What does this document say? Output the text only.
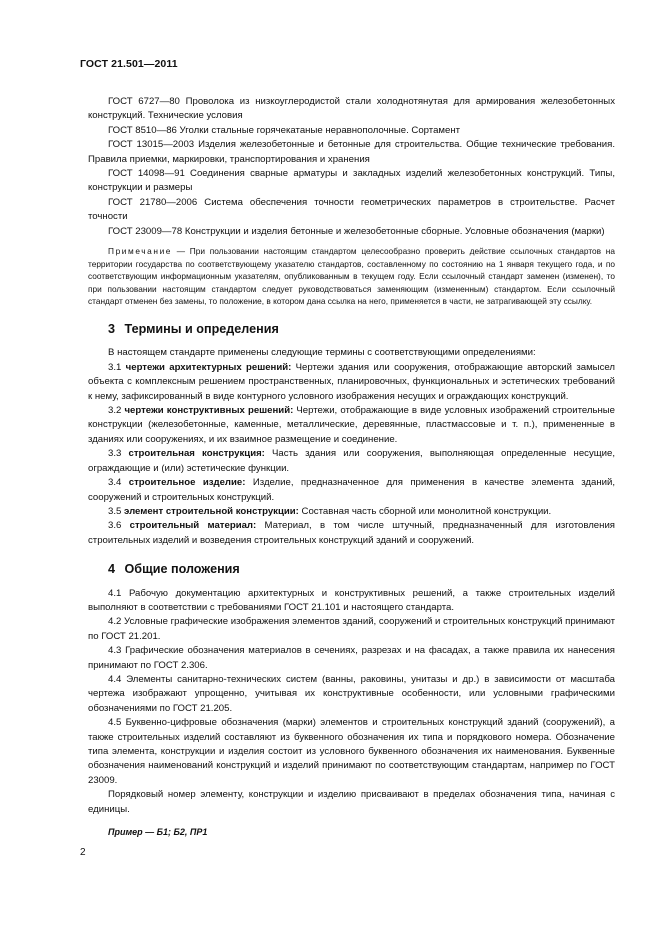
ГОСТ 21.501—2011

ГОСТ 6727—80 Проволока из низкоуглеродистой стали холоднотянутая для армирования железобетонных конструкций. Технические условия

ГОСТ 8510—86 Уголки стальные горячекатаные неравнополочные. Сортамент

ГОСТ 13015—2003 Изделия железобетонные и бетонные для строительства. Общие технические требования. Правила приемки, маркировки, транспортирования и хранения

ГОСТ 14098—91 Соединения сварные арматуры и закладных изделий железобетонных конструкций. Типы, конструкции и размеры

ГОСТ 21780—2006 Система обеспечения точности геометрических параметров в строительстве. Расчет точности

ГОСТ 23009—78 Конструкции и изделия бетонные и железобетонные сборные. Условные обозначения (марки)

Примечание — При пользовании настоящим стандартом целесообразно проверить действие ссылочных стандартов на территории государства по соответствующему указателю стандартов, составленному по состоянию на 1 января текущего года, и по соответствующим информационным указателям, опубликованным в текущем году. Если ссылочный стандарт заменен (изменен), то при пользовании настоящим стандартом следует руководствоваться заменяющим (измененным) стандартом. Если ссылочный стандарт отменен без замены, то положение, в котором дана ссылка на него, применяется в части, не затрагивающей эту ссылку.

3 Термины и определения

В настоящем стандарте применены следующие термины с соответствующими определениями:

3.1 чертежи архитектурных решений: Чертежи здания или сооружения, отображающие авторский замысел объекта с комплексным решением пространственных, планировочных, функциональных и эстетических требований к нему, зафиксированный в виде контурного условного изображения несущих и ограждающих конструкций.

3.2 чертежи конструктивных решений: Чертежи, отображающие в виде условных изображений строительные конструкции (железобетонные, каменные, металлические, деревянные, пластмассовые и т. п.), примененные в зданиях или сооружениях, и их взаимное размещение и соединение.

3.3 строительная конструкция: Часть здания или сооружения, выполняющая определенные несущие, ограждающие и (или) эстетические функции.

3.4 строительное изделие: Изделие, предназначенное для применения в качестве элемента зданий, сооружений и строительных конструкций.

3.5 элемент строительной конструкции: Составная часть сборной или монолитной конструкции.

3.6 строительный материал: Материал, в том числе штучный, предназначенный для изготовления строительных изделий и возведения строительных конструкций зданий и сооружений.

4 Общие положения

4.1 Рабочую документацию архитектурных и конструктивных решений, а также строительных изделий выполняют в соответствии с требованиями ГОСТ 21.101 и настоящего стандарта.

4.2 Условные графические изображения элементов зданий, сооружений и строительных конструкций принимают по ГОСТ 21.201.

4.3 Графические обозначения материалов в сечениях, разрезах и на фасадах, а также правила их нанесения принимают по ГОСТ 2.306.

4.4 Элементы санитарно-технических систем (ванны, раковины, унитазы и др.) в зависимости от масштаба чертежа изображают упрощенно, учитывая их конструктивные особенности, или условными графическими обозначениями по ГОСТ 21.205.

4.5 Буквенно-цифровые обозначения (марки) элементов и строительных конструкций зданий (сооружений), а также строительных изделий составляют из буквенного обозначения их типа и порядкового номера. Обозначение типа элемента, конструкции и изделия состоит из условного буквенного обозначения их наименования. Буквенные обозначения наименований конструкций и изделий принимают по соответствующим стандартам, например по ГОСТ 23009.

Порядковый номер элементу, конструкции и изделию присваивают в пределах обозначения типа, начиная с единицы.

Пример — Б1; Б2, ПР1

2
